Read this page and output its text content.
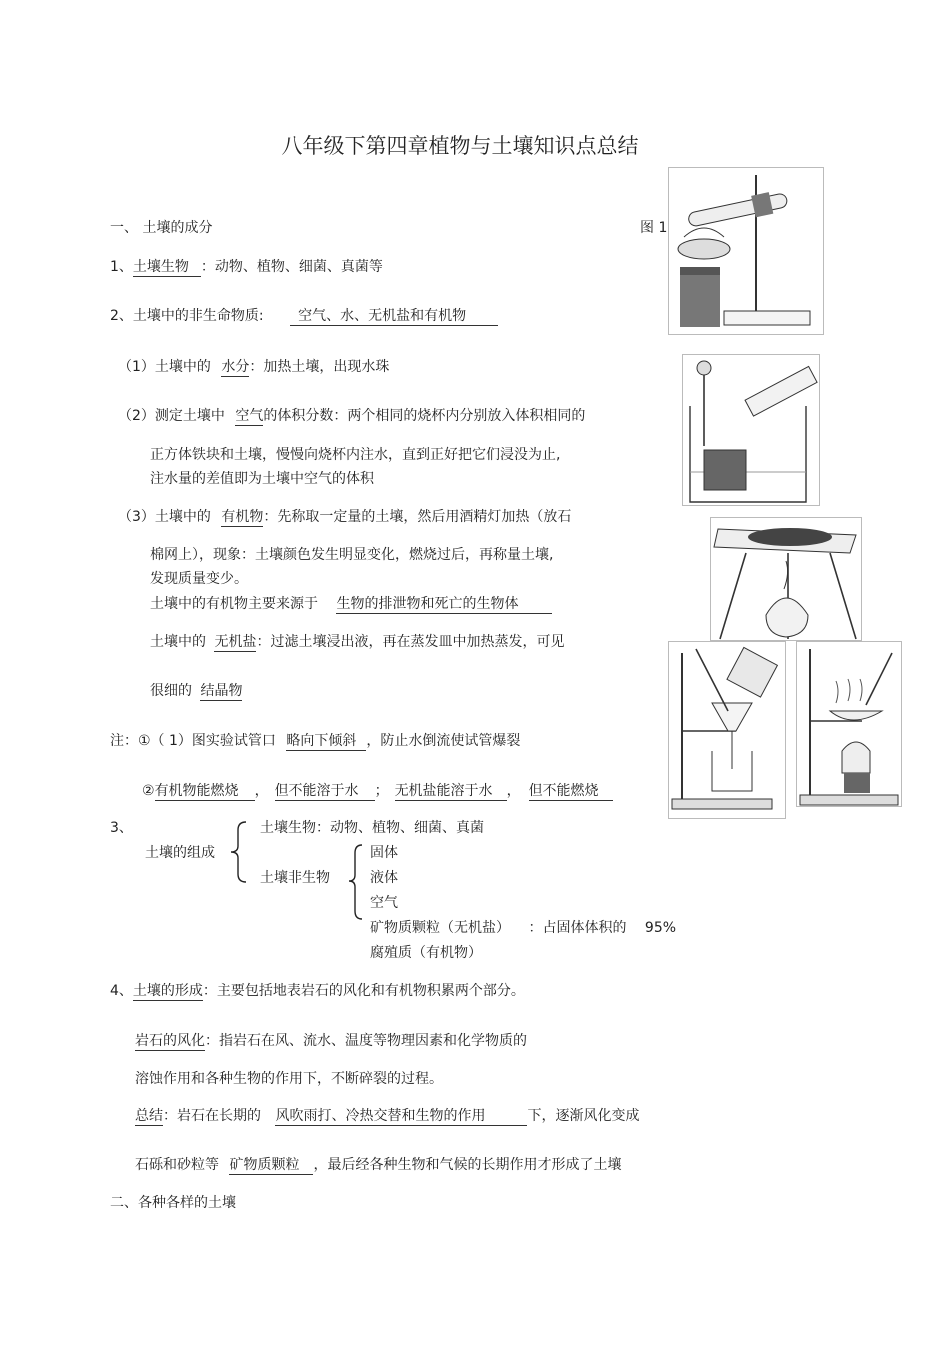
八年级下第四章植物与土壤知识点总结
一、 土壤的成分	图 1
1、土壤生物 ：动物、植物、细菌、真菌等
2、土壤中的非生命物质: 空气、水、无机盐和有机物
（1）土壤中的 水分：加热土壤，出现水珠
（2）测定土壤中 空气的体积分数：两个相同的烧杯内分别放入体积相同的
正方体铁块和土壤，慢慢向烧杯内注水，直到正好把它们浸没为止,
注水量的差值即为土壤中空气的体积
（3）土壤中的 有机物：先称取一定量的土壤，然后用酒精灯加热（放石
棉网上），现象：土壤颜色发生明显变化，燃烧过后，再称量土壤,
发现质量变少。
土壤中的有机物主要来源于 生物的排泄物和死亡的生物体
土壤中的 无机盐：过滤土壤浸出液，再在蒸发皿中加热蒸发，可见
很细的 结晶物
注：①（ 1）图实验试管口 略向下倾斜 ，防止水倒流使试管爆裂
②有机物能燃烧 ， 但不能溶于水 ； 无机盐能溶于水 ， 但不能燃烧
3、
土壤的组成
土壤生物：动物、植物、细菌、真菌
土壤非生物
固体
液体
空气
矿物质颗粒（无机盐） ：占固体体积的 95%
腐殖质（有机物）
4、土壤的形成：主要包括地表岩石的风化和有机物积累两个部分。
岩石的风化：指岩石在风、流水、温度等物理因素和化学物质的
溶蚀作用和各种生物的作用下，不断碎裂的过程。
总结：岩石在长期的 风吹雨打、冷热交替和生物的作用	下，逐渐风化变成
石砾和砂粒等 矿物质颗粒 ，最后经各种生物和气候的长期作用才形成了土壤
二、各种各样的土壤
